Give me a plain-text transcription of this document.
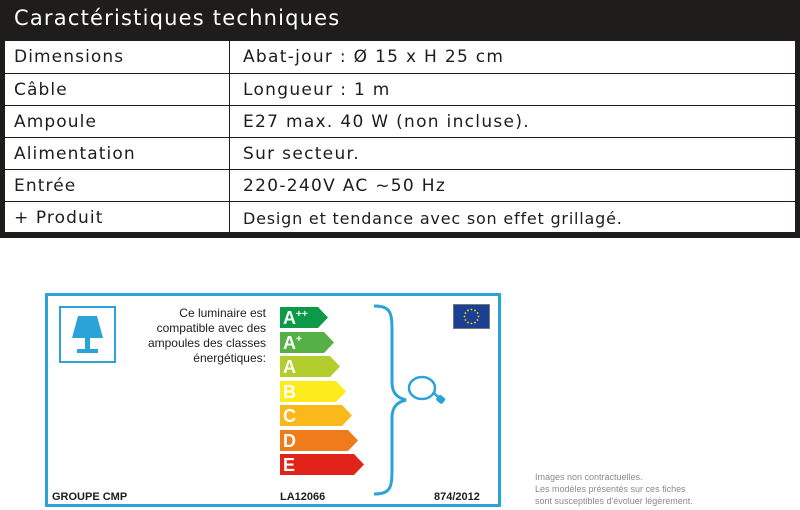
Caractéristiques techniques
Dimensions	Abat-jour : Ø 15 x H 25 cm
Câble	Longueur : 1 m
Ampoule	E27 max. 40 W (non incluse).
Alimentation	Sur secteur.
Entrée	220-240V AC ~50 Hz
+ Produit	Design et tendance avec son effet grillagé.
Ce luminaire est
compatible avec des
ampoules des classes
énergétiques:
A++
A+
A
B
C
D
E
GROUPE CMP	LA12066	874/2012
Images non contractuelles.
Les modèles présentés sur ces fiches
sont susceptibles d'évoluer légèrement.
